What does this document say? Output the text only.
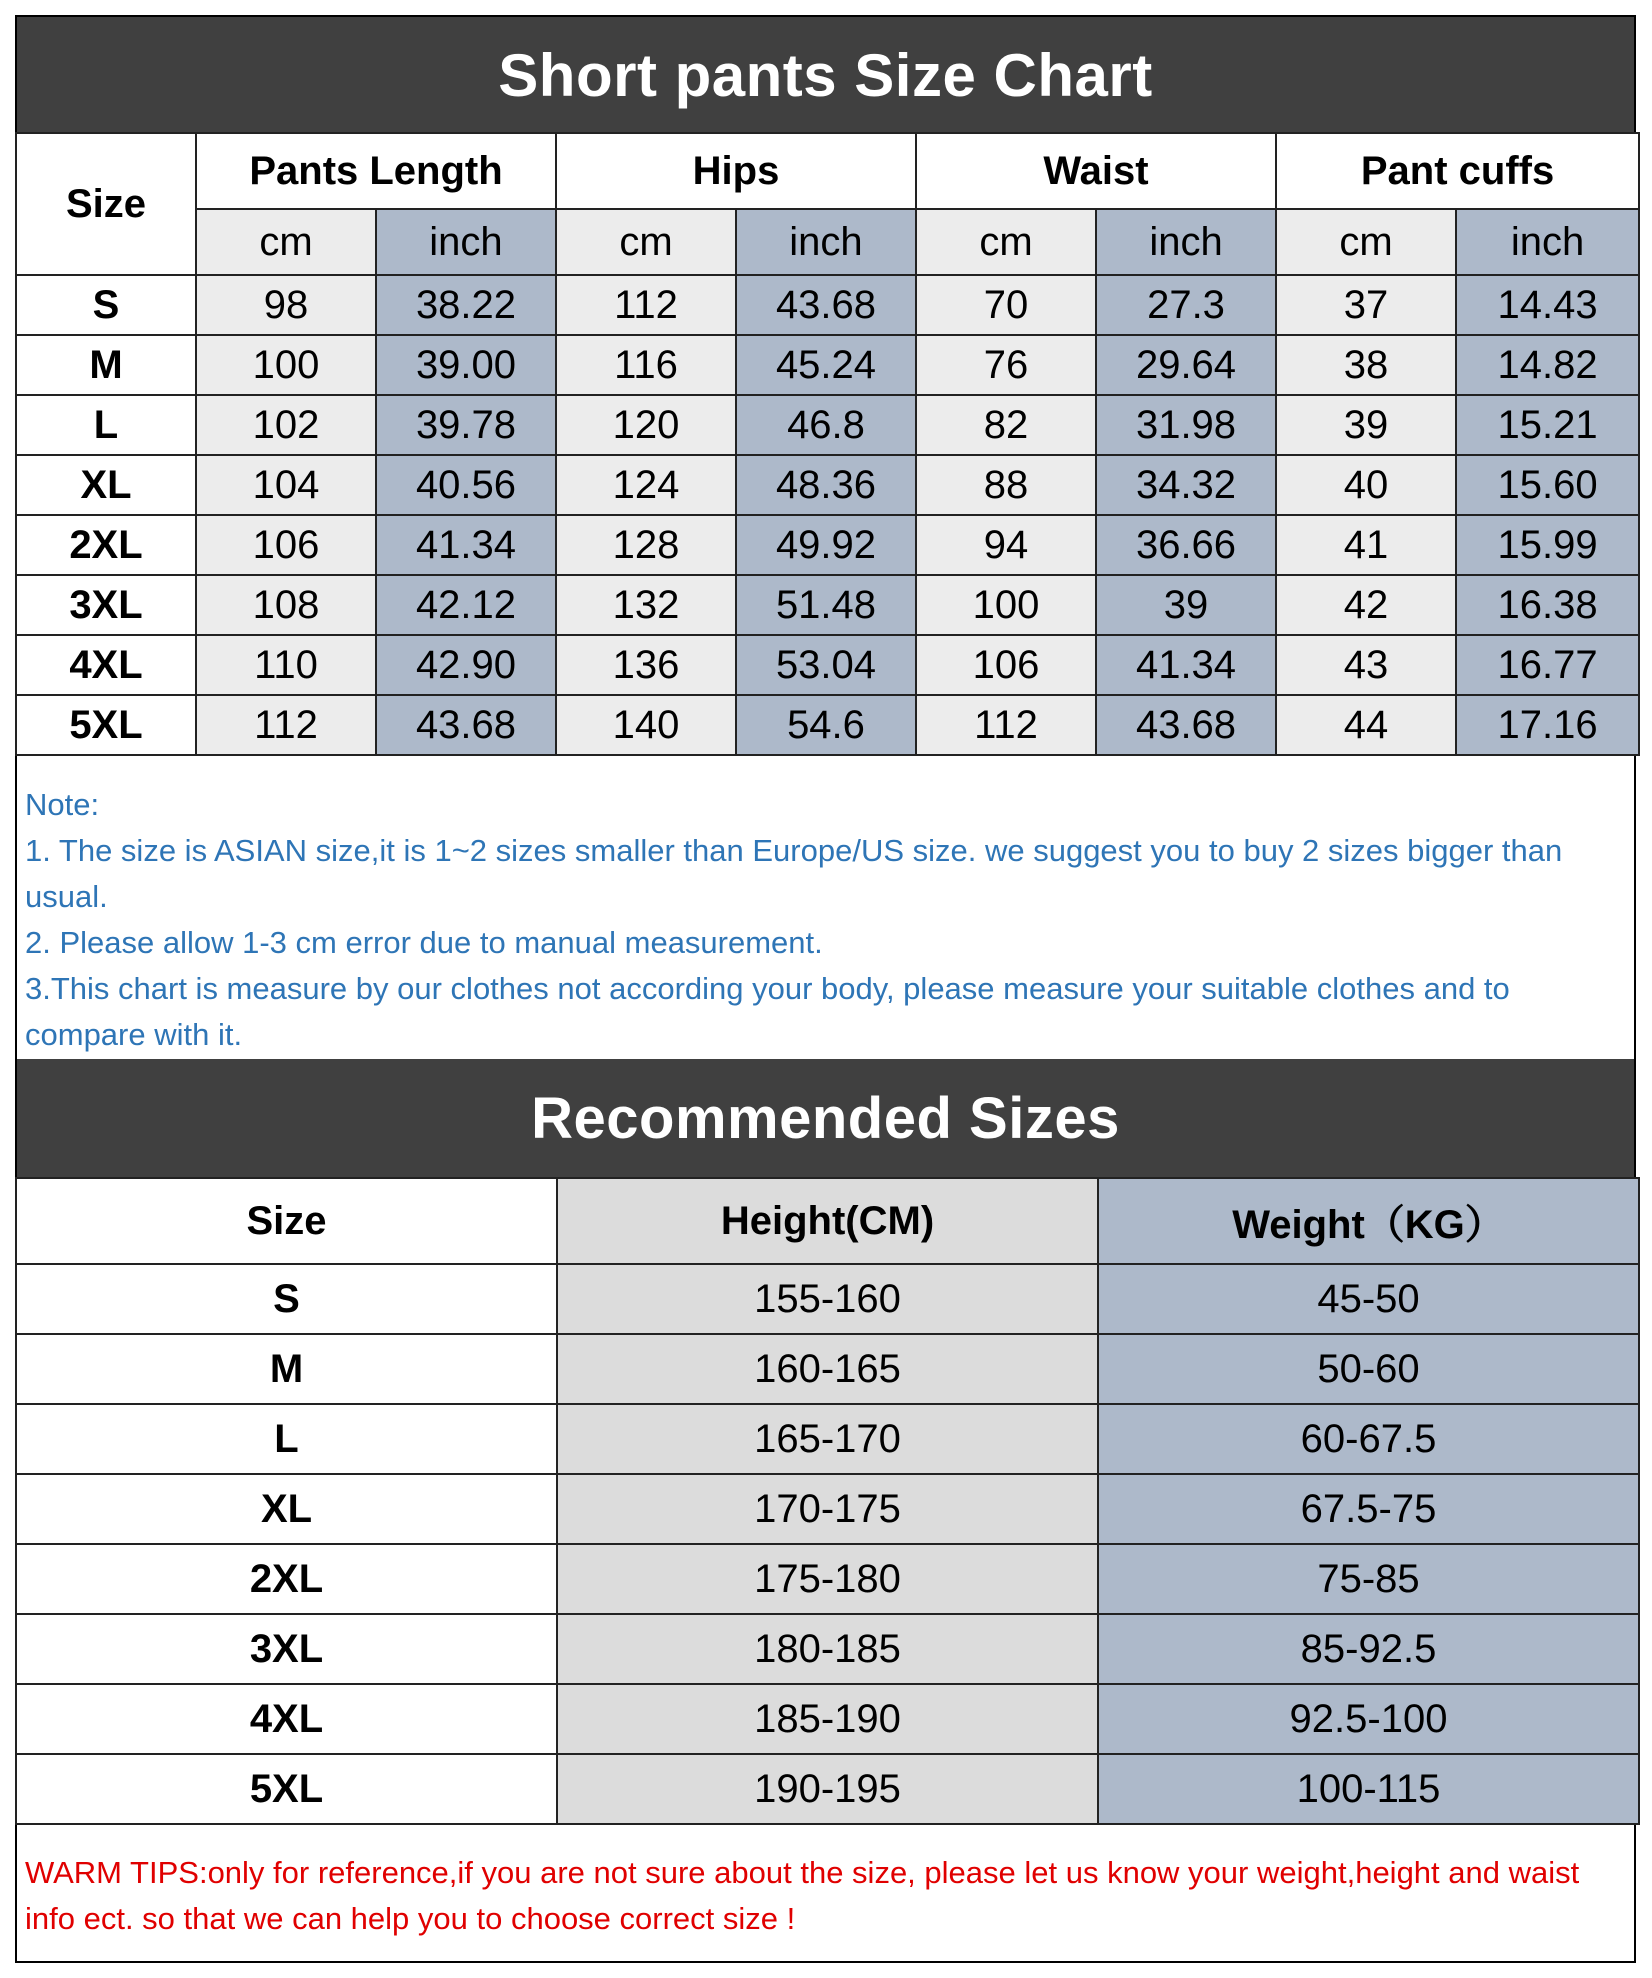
Short pants Size Chart
Size	Pants Length		Hips		Waist		Pant cuffs	
	cm	inch	cm	inch	cm	inch	cm	inch
S	98	38.22	112	43.68	70	27.3	37	14.43
M	100	39.00	116	45.24	76	29.64	38	14.82
L	102	39.78	120	46.8	82	31.98	39	15.21
XL	104	40.56	124	48.36	88	34.32	40	15.60
2XL	106	41.34	128	49.92	94	36.66	41	15.99
3XL	108	42.12	132	51.48	100	39	42	16.38
4XL	110	42.90	136	53.04	106	41.34	43	16.77
5XL	112	43.68	140	54.6	112	43.68	44	17.16

Note:

1. The size is ASIAN size,it is 1~2 sizes smaller than Europe/US size. we suggest you to buy 2 sizes bigger than usual.

2. Please allow 1-3 cm error due to manual measurement.

3.This chart is measure by our clothes not according your body, please measure your suitable clothes and to compare with it.

Recommended Sizes
Size	Height(CM)	Weight（KG）
S	155-160	45-50
M	160-165	50-60
L	165-170	60-67.5
XL	170-175	67.5-75
2XL	175-180	75-85
3XL	180-185	85-92.5
4XL	185-190	92.5-100
5XL	190-195	100-115

WARM TIPS:only for reference,if you are not sure about the size, please let us know your weight,height and waist info ect. so that we can help you to choose correct size !
